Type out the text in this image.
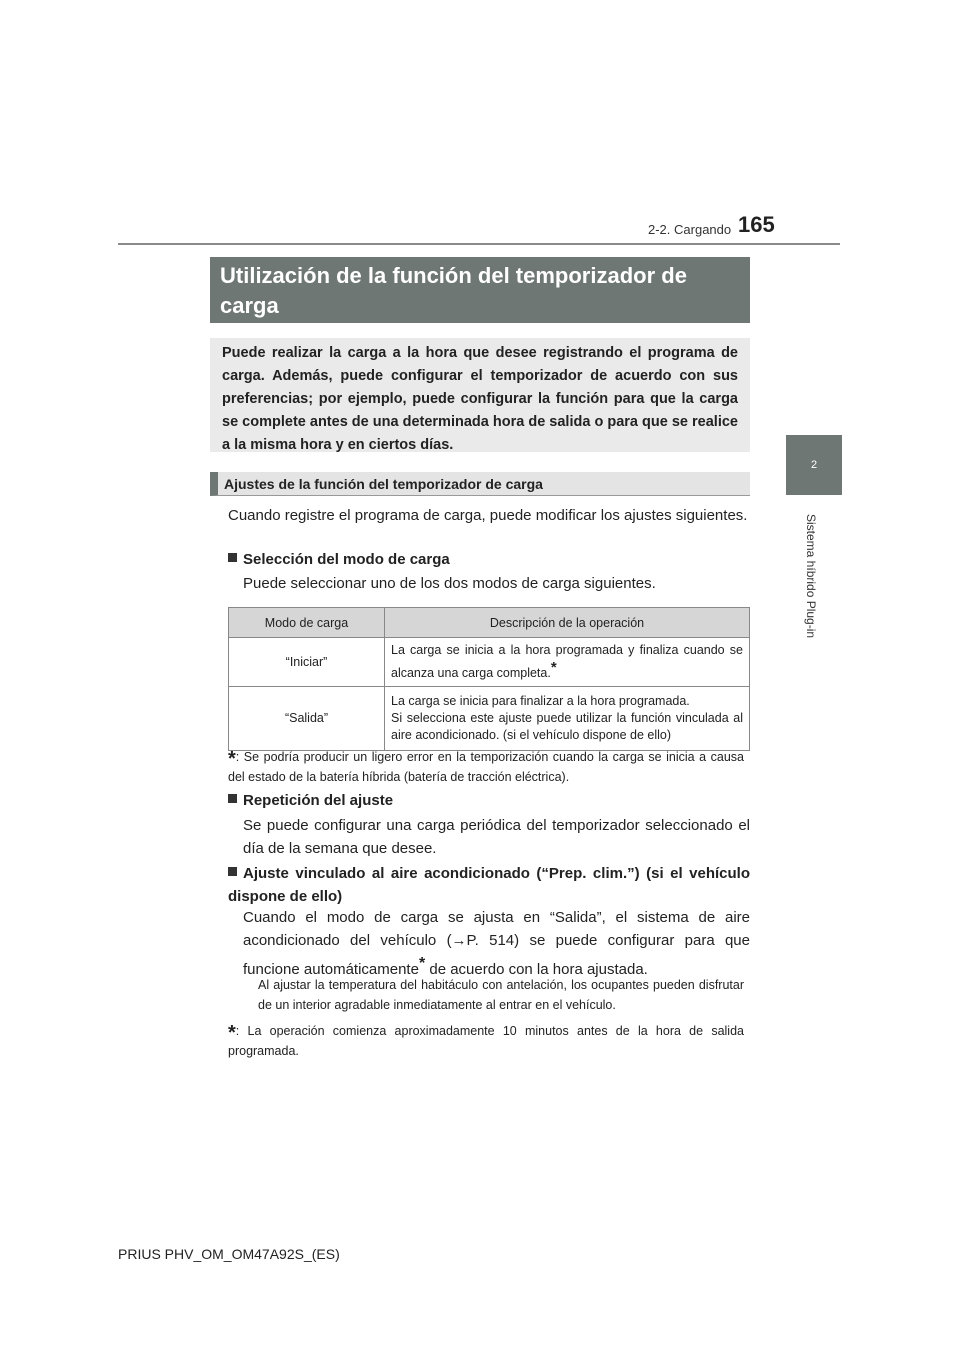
2-2. Cargando 165
2
Sistema híbrido Plug-in
Utilización de la función del temporizador de carga
Puede realizar la carga a la hora que desee registrando el programa de carga. Además, puede configurar el temporizador de acuerdo con sus preferencias; por ejemplo, puede configurar la función para que la carga se complete antes de una determinada hora de salida o para que se realice a la misma hora y en ciertos días.
Ajustes de la función del temporizador de carga
Cuando registre el programa de carga, puede modificar los ajustes siguientes.
Selección del modo de carga
Puede seleccionar uno de los dos modos de carga siguientes.
Modo de carga	Descripción de la operación
“Iniciar”	La carga se inicia a la hora programada y finaliza cuando se alcanza una carga completa.*
“Salida”	La carga se inicia para finalizar a la hora programada.
Si selecciona este ajuste puede utilizar la función vinculada al aire acondicionado. (si el vehículo dispone de ello)
*: Se podría producir un ligero error en la temporización cuando la carga se inicia a causa del estado de la batería híbrida (batería de tracción eléctrica).
Repetición del ajuste
Se puede configurar una carga periódica del temporizador seleccionado el día de la semana que desee.
Ajuste vinculado al aire acondicionado (“Prep. clim.”) (si el vehículo dispone de ello)
Cuando el modo de carga se ajusta en “Salida”, el sistema de aire acondicionado del vehículo (→P. 514) se puede configurar para que funcione automáticamente* de acuerdo con la hora ajustada.
Al ajustar la temperatura del habitáculo con antelación, los ocupantes pueden disfrutar de un interior agradable inmediatamente al entrar en el vehículo.
*: La operación comienza aproximadamente 10 minutos antes de la hora de salida programada.
PRIUS PHV_OM_OM47A92S_(ES)
